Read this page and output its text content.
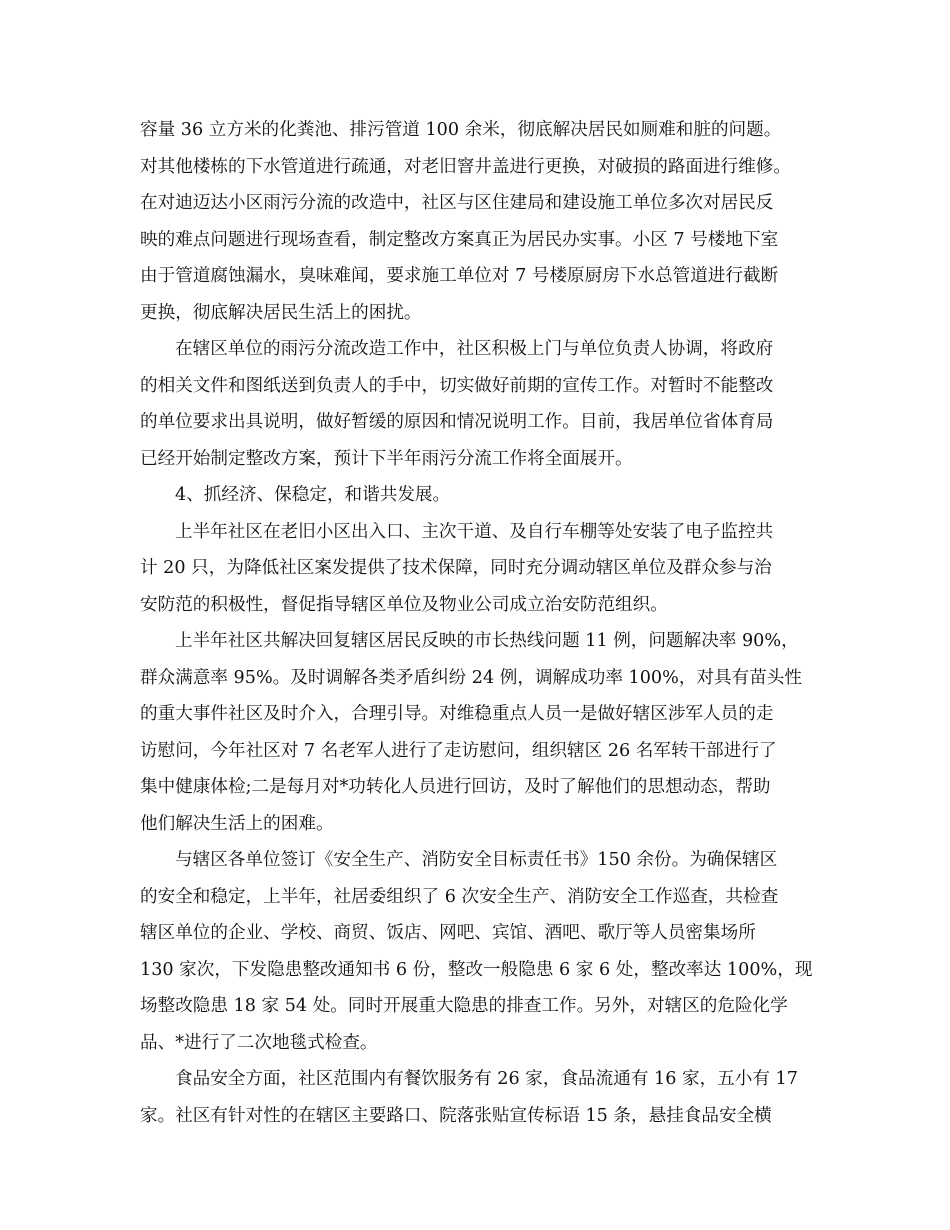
容量 36 立方米的化粪池、排污管道 100 余米，彻底解决居民如厕难和脏的问题。
对其他楼栋的下水管道进行疏通，对老旧窨井盖进行更换，对破损的路面进行维修。
在对迪迈达小区雨污分流的改造中，社区与区住建局和建设施工单位多次对居民反
映的难点问题进行现场查看，制定整改方案真正为居民办实事。小区 7 号楼地下室
由于管道腐蚀漏水，臭味难闻，要求施工单位对 7 号楼原厨房下水总管道进行截断
更换，彻底解决居民生活上的困扰。
在辖区单位的雨污分流改造工作中，社区积极上门与单位负责人协调，将政府
的相关文件和图纸送到负责人的手中，切实做好前期的宣传工作。对暂时不能整改
的单位要求出具说明，做好暂缓的原因和情况说明工作。目前，我居单位省体育局
已经开始制定整改方案，预计下半年雨污分流工作将全面展开。
4、抓经济、保稳定，和谐共发展。
上半年社区在老旧小区出入口、主次干道、及自行车棚等处安装了电子监控共
计 20 只，为降低社区案发提供了技术保障，同时充分调动辖区单位及群众参与治
安防范的积极性，督促指导辖区单位及物业公司成立治安防范组织。
上半年社区共解决回复辖区居民反映的市长热线问题 11 例，问题解决率 90%，
群众满意率 95%。及时调解各类矛盾纠纷 24 例，调解成功率 100%，对具有苗头性
的重大事件社区及时介入，合理引导。对维稳重点人员一是做好辖区涉军人员的走
访慰问，今年社区对 7 名老军人进行了走访慰问，组织辖区 26 名军转干部进行了
集中健康体检;二是每月对*功转化人员进行回访，及时了解他们的思想动态，帮助
他们解决生活上的困难。
与辖区各单位签订《安全生产、消防安全目标责任书》150 余份。为确保辖区
的安全和稳定，上半年，社居委组织了 6 次安全生产、消防安全工作巡查，共检查
辖区单位的企业、学校、商贸、饭店、网吧、宾馆、酒吧、歌厅等人员密集场所
130 家次，下发隐患整改通知书 6 份，整改一般隐患 6 家 6 处，整改率达 100%，现
场整改隐患 18 家 54 处。同时开展重大隐患的排查工作。另外，对辖区的危险化学
品、*进行了二次地毯式检查。
食品安全方面，社区范围内有餐饮服务有 26 家，食品流通有 16 家，五小有 17
家。社区有针对性的在辖区主要路口、院落张贴宣传标语 15 条，悬挂食品安全横
